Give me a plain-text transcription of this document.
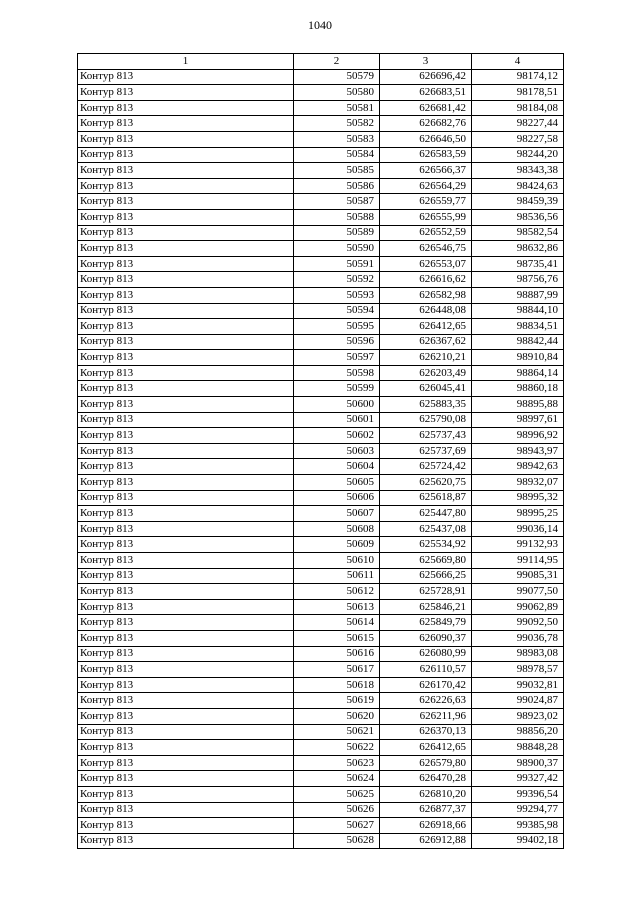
1040
1	2	3	4
Контур 813	50579	626696,42	98174,12
Контур 813	50580	626683,51	98178,51
Контур 813	50581	626681,42	98184,08
Контур 813	50582	626682,76	98227,44
Контур 813	50583	626646,50	98227,58
Контур 813	50584	626583,59	98244,20
Контур 813	50585	626566,37	98343,38
Контур 813	50586	626564,29	98424,63
Контур 813	50587	626559,77	98459,39
Контур 813	50588	626555,99	98536,56
Контур 813	50589	626552,59	98582,54
Контур 813	50590	626546,75	98632,86
Контур 813	50591	626553,07	98735,41
Контур 813	50592	626616,62	98756,76
Контур 813	50593	626582,98	98887,99
Контур 813	50594	626448,08	98844,10
Контур 813	50595	626412,65	98834,51
Контур 813	50596	626367,62	98842,44
Контур 813	50597	626210,21	98910,84
Контур 813	50598	626203,49	98864,14
Контур 813	50599	626045,41	98860,18
Контур 813	50600	625883,35	98895,88
Контур 813	50601	625790,08	98997,61
Контур 813	50602	625737,43	98996,92
Контур 813	50603	625737,69	98943,97
Контур 813	50604	625724,42	98942,63
Контур 813	50605	625620,75	98932,07
Контур 813	50606	625618,87	98995,32
Контур 813	50607	625447,80	98995,25
Контур 813	50608	625437,08	99036,14
Контур 813	50609	625534,92	99132,93
Контур 813	50610	625669,80	99114,95
Контур 813	50611	625666,25	99085,31
Контур 813	50612	625728,91	99077,50
Контур 813	50613	625846,21	99062,89
Контур 813	50614	625849,79	99092,50
Контур 813	50615	626090,37	99036,78
Контур 813	50616	626080,99	98983,08
Контур 813	50617	626110,57	98978,57
Контур 813	50618	626170,42	99032,81
Контур 813	50619	626226,63	99024,87
Контур 813	50620	626211,96	98923,02
Контур 813	50621	626370,13	98856,20
Контур 813	50622	626412,65	98848,28
Контур 813	50623	626579,80	98900,37
Контур 813	50624	626470,28	99327,42
Контур 813	50625	626810,20	99396,54
Контур 813	50626	626877,37	99294,77
Контур 813	50627	626918,66	99385,98
Контур 813	50628	626912,88	99402,18
